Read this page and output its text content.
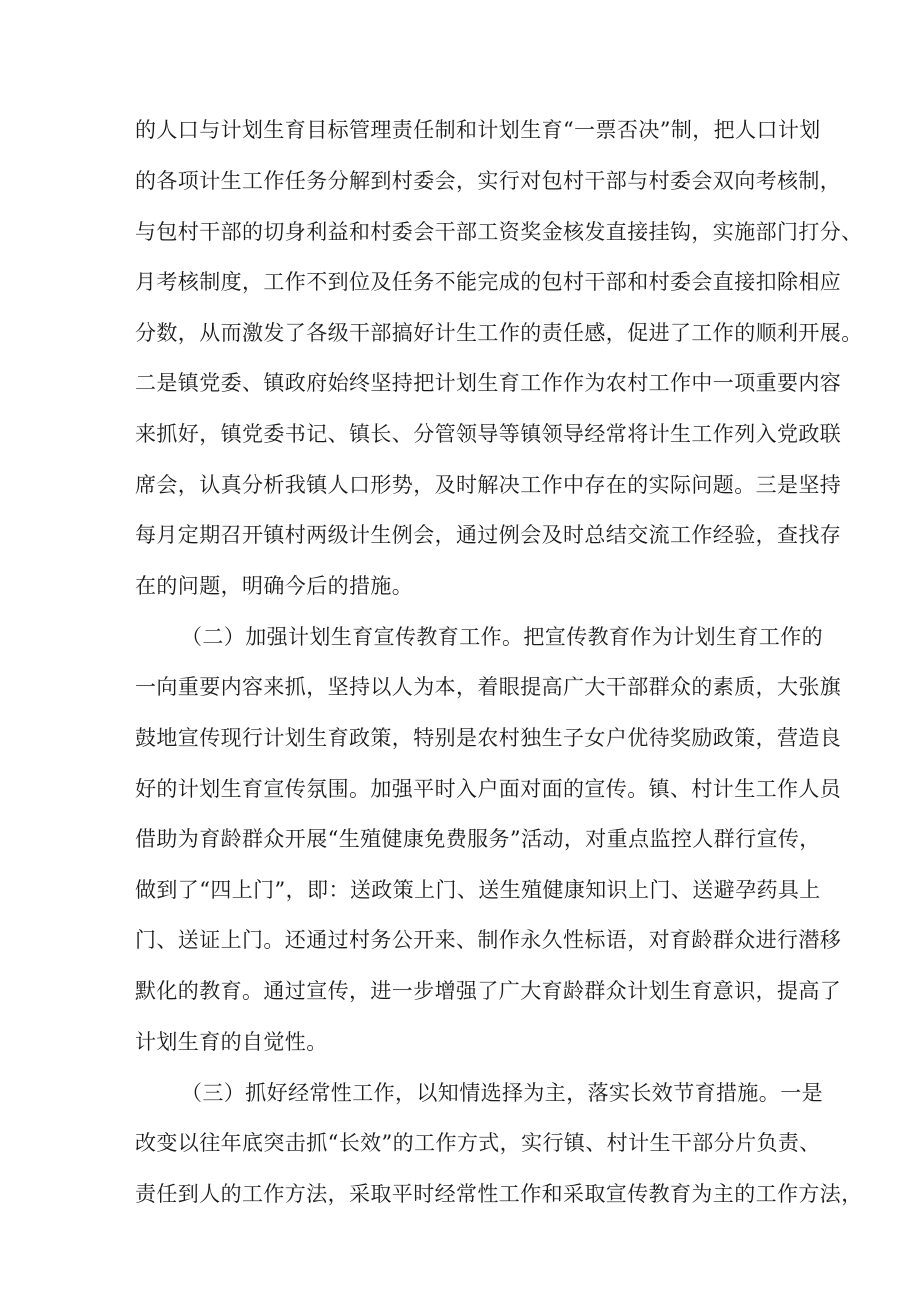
的人口与计划生育目标管理责任制和计划生育“一票否决”制，把人口计划
的各项计生工作任务分解到村委会，实行对包村干部与村委会双向考核制，
与包村干部的切身利益和村委会干部工资奖金核发直接挂钩，实施部门打分、
月考核制度，工作不到位及任务不能完成的包村干部和村委会直接扣除相应
分数，从而激发了各级干部搞好计生工作的责任感，促进了工作的顺利开展。
二是镇党委、镇政府始终坚持把计划生育工作作为农村工作中一项重要内容
来抓好，镇党委书记、镇长、分管领导等镇领导经常将计生工作列入党政联
席会，认真分析我镇人口形势，及时解决工作中存在的实际问题。三是坚持
每月定期召开镇村两级计生例会，通过例会及时总结交流工作经验，查找存
在的问题，明确今后的措施。
（二）加强计划生育宣传教育工作。把宣传教育作为计划生育工作的
一向重要内容来抓，坚持以人为本，着眼提高广大干部群众的素质，大张旗
鼓地宣传现行计划生育政策，特别是农村独生子女户优待奖励政策，营造良
好的计划生育宣传氛围。加强平时入户面对面的宣传。镇、村计生工作人员
借助为育龄群众开展“生殖健康免费服务”活动，对重点监控人群行宣传，
做到了“四上门”，即：送政策上门、送生殖健康知识上门、送避孕药具上
门、送证上门。还通过村务公开来、制作永久性标语，对育龄群众进行潜移
默化的教育。通过宣传，进一步增强了广大育龄群众计划生育意识，提高了
计划生育的自觉性。
（三）抓好经常性工作，以知情选择为主，落实长效节育措施。一是
改变以往年底突击抓“长效”的工作方式，实行镇、村计生干部分片负责、
责任到人的工作方法，采取平时经常性工作和采取宣传教育为主的工作方法，
